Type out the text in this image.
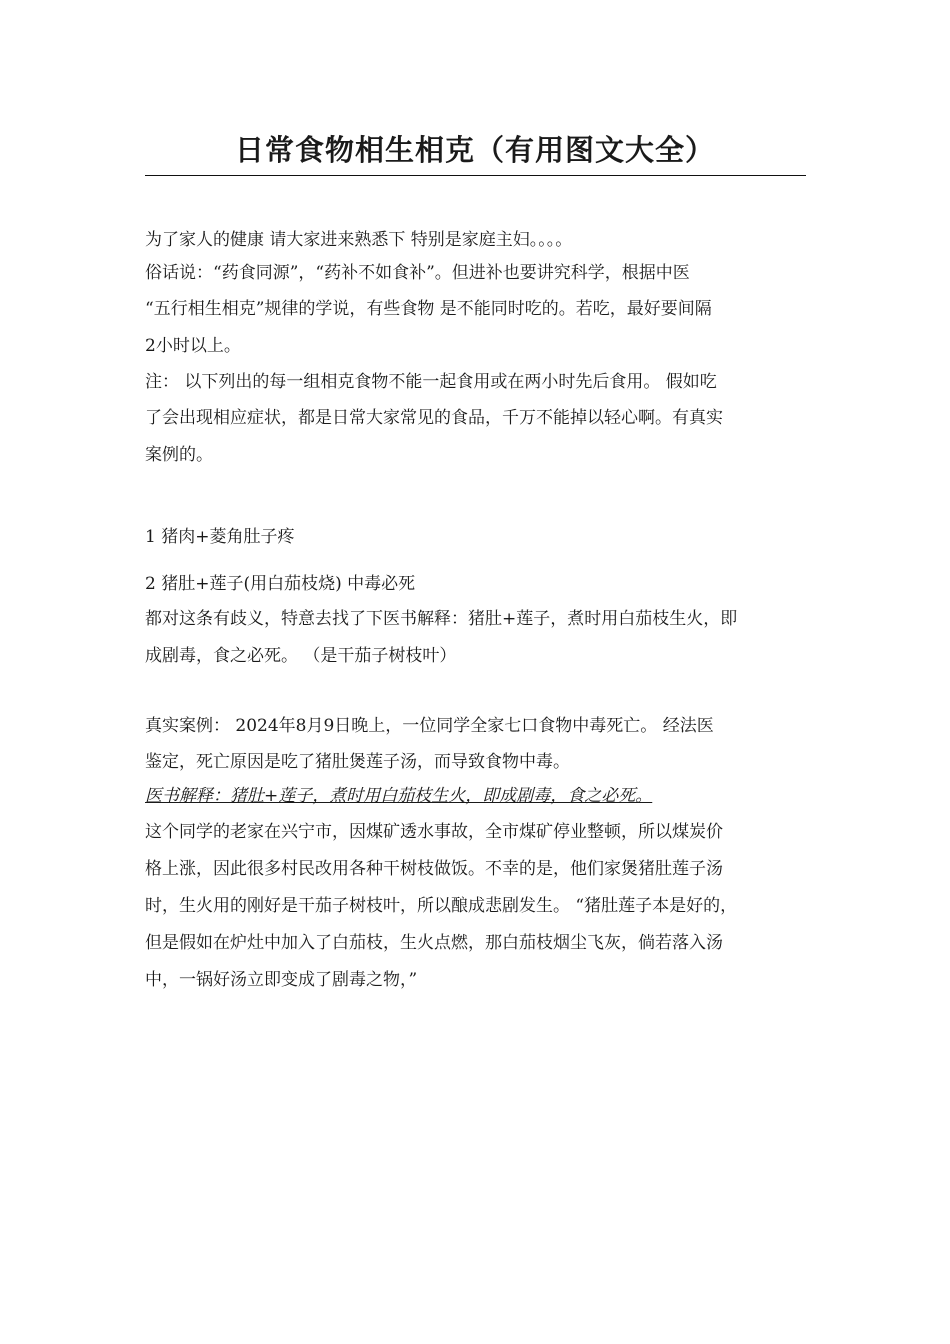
日常食物相生相克（有用图文大全）

为了家人的健康 请大家进来熟悉下 特别是家庭主妇。。。。

俗话说：“药食同源”，“药补不如食补”。但进补也要讲究科学，根据中医

“五行相生相克”规律的学说，有些食物 是不能同时吃的。若吃，最好要间隔

2小时以上。

注： 以下列出的每一组相克食物不能一起食用或在两小时先后食用。 假如吃

了会出现相应症状，都是日常大家常见的食品，千万不能掉以轻心啊。有真实

案例的。

1 猪肉+菱角肚子疼

2 猪肚+莲子(用白茄枝烧) 中毒必死

都对这条有歧义，特意去找了下医书解释：猪肚+莲子，煮时用白茄枝生火，即

成剧毒，食之必死。 （是干茄子树枝叶）

真实案例： 2024年8月9日晚上，一位同学全家七口食物中毒死亡。 经法医

鉴定，死亡原因是吃了猪肚煲莲子汤，而导致食物中毒。

医书解释：猪肚+莲子，煮时用白茄枝生火，即成剧毒，食之必死。

这个同学的老家在兴宁市，因煤矿透水事故，全市煤矿停业整顿，所以煤炭价

格上涨，因此很多村民改用各种干树枝做饭。不幸的是，他们家煲猪肚莲子汤

时，生火用的刚好是干茄子树枝叶，所以酿成悲剧发生。 “猪肚莲子本是好的，

但是假如在炉灶中加入了白茄枝，生火点燃，那白茄枝烟尘飞灰，倘若落入汤

中，一锅好汤立即变成了剧毒之物，”
